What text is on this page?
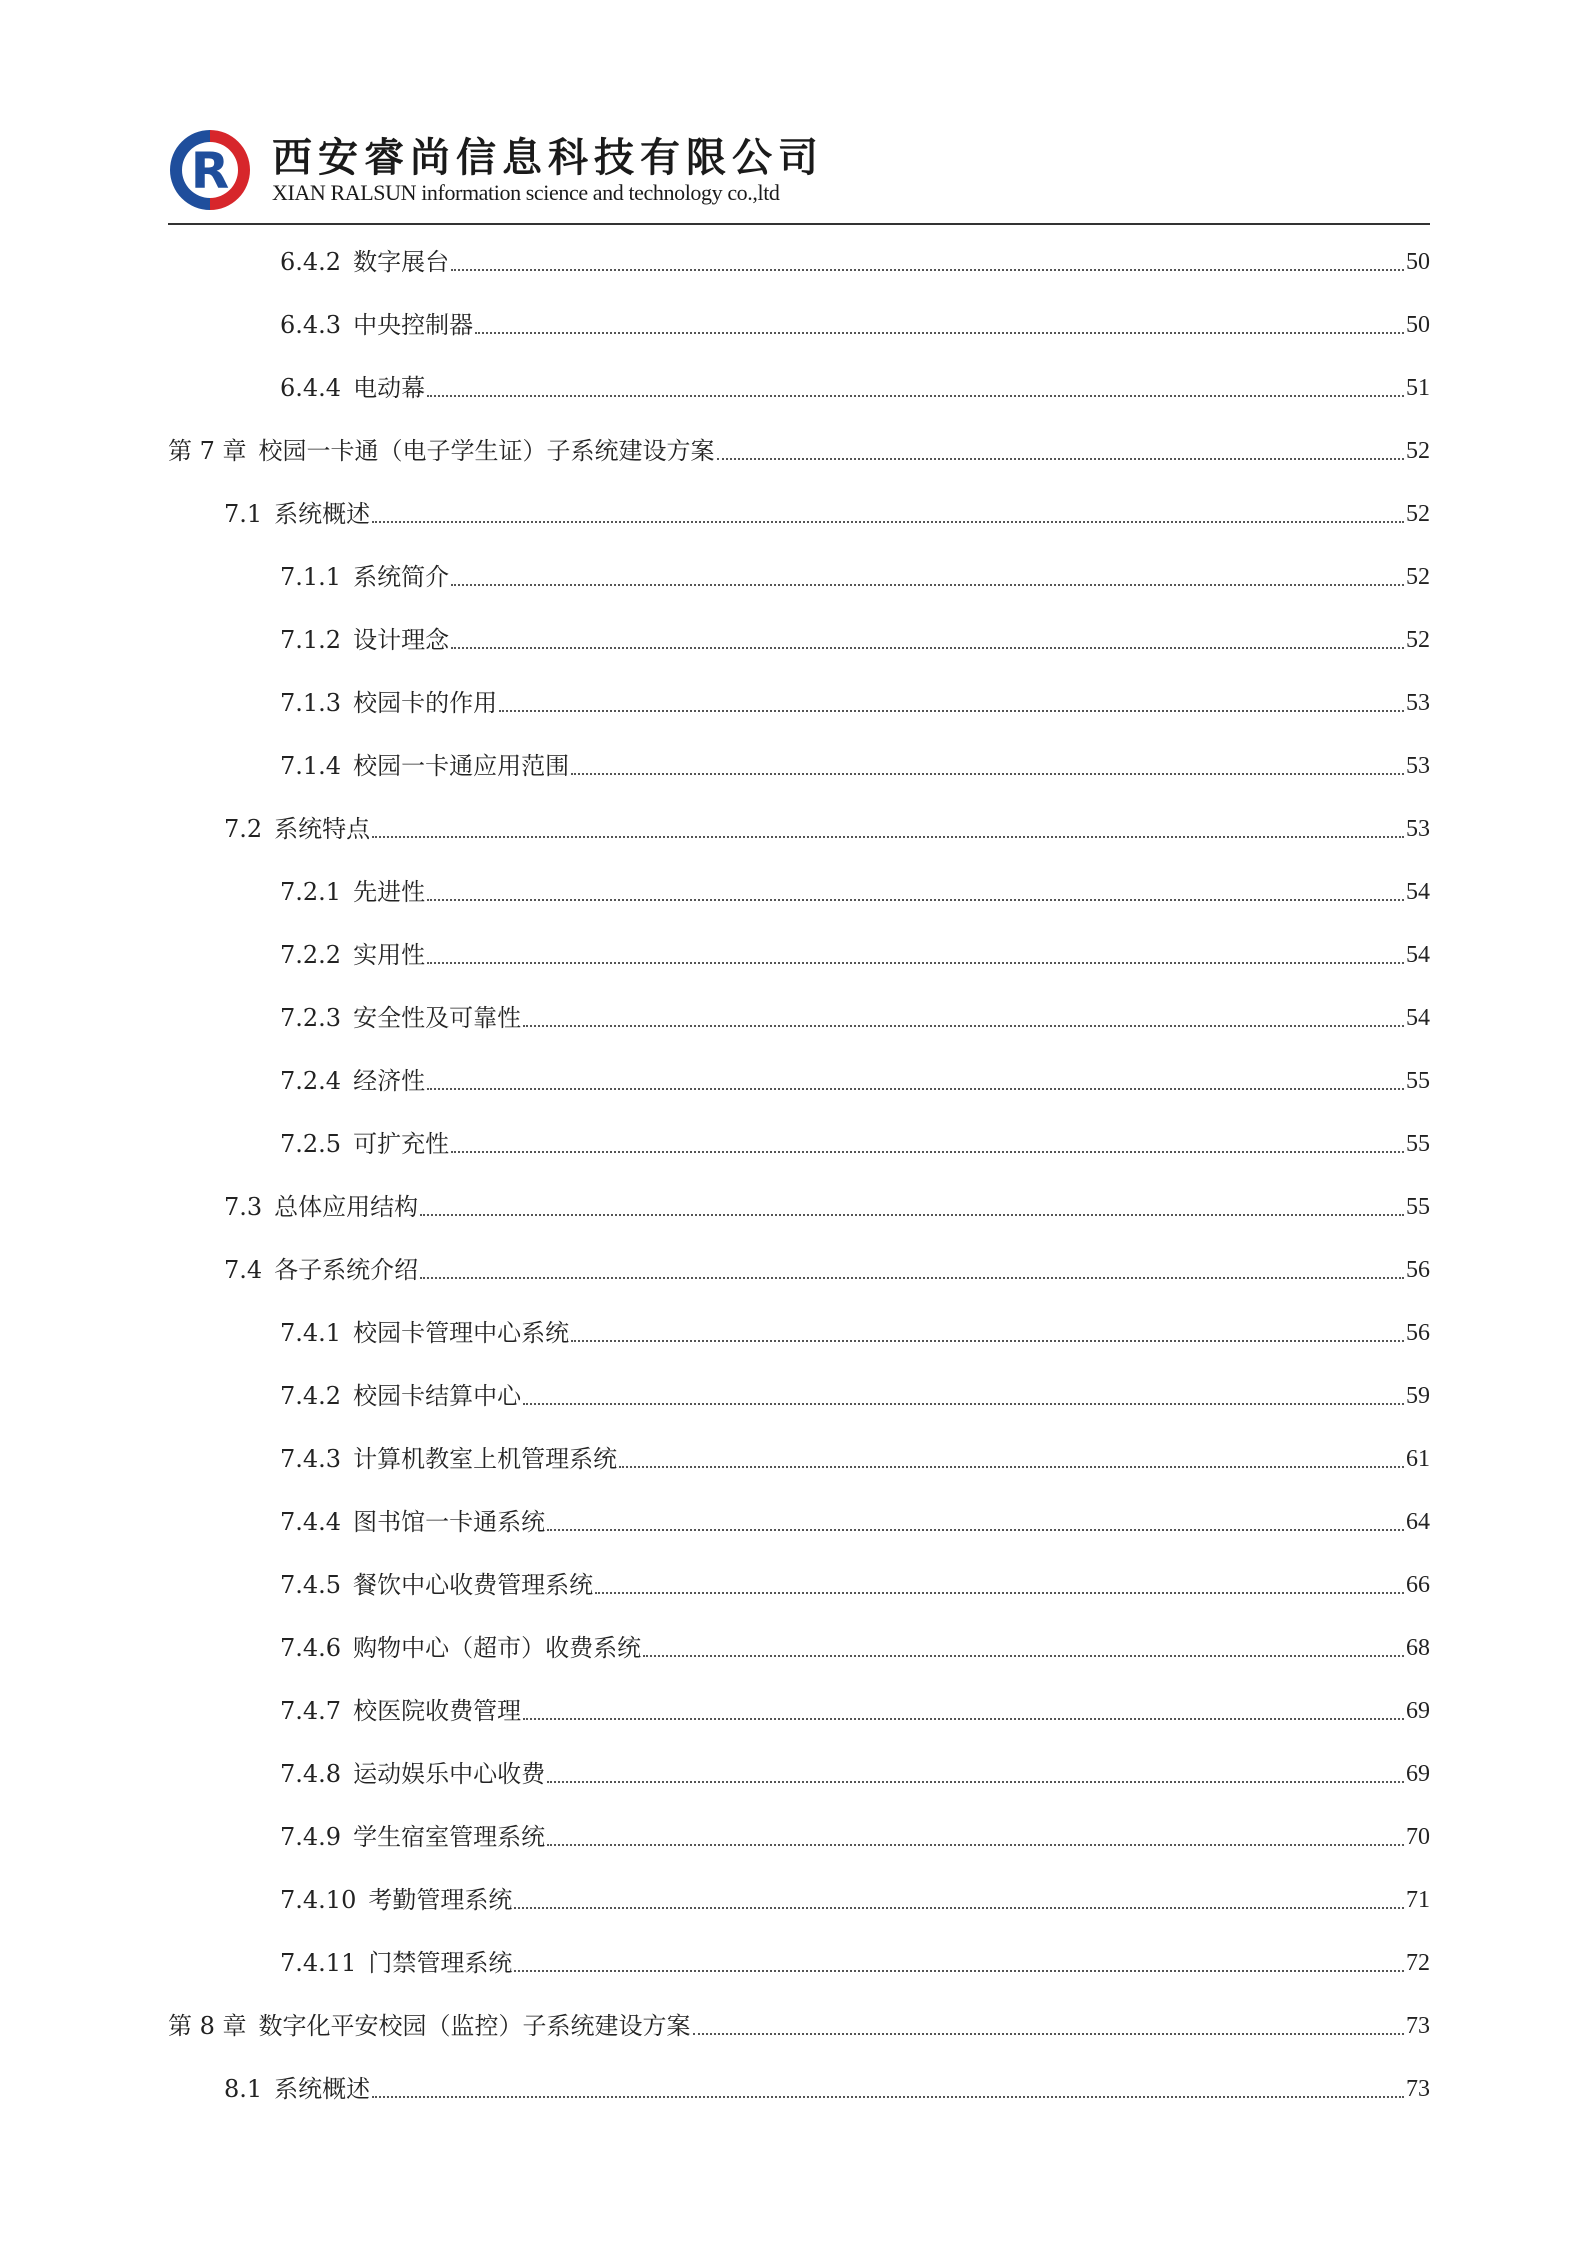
R 西安睿尚信息科技有限公司
XIAN RALSUN information science and technology co.,ltd
6.4.2 数字展台	50
6.4.3 中央控制器	50
6.4.4 电动幕	51
第 7 章 校园一卡通（电子学生证）子系统建设方案	52
7.1 系统概述	52
7.1.1 系统简介	52
7.1.2 设计理念	52
7.1.3 校园卡的作用	53
7.1.4 校园一卡通应用范围	53
7.2 系统特点	53
7.2.1 先进性	54
7.2.2 实用性	54
7.2.3 安全性及可靠性	54
7.2.4 经济性	55
7.2.5 可扩充性	55
7.3 总体应用结构	55
7.4 各子系统介绍	56
7.4.1 校园卡管理中心系统	56
7.4.2 校园卡结算中心	59
7.4.3 计算机教室上机管理系统	61
7.4.4 图书馆一卡通系统	64
7.4.5 餐饮中心收费管理系统	66
7.4.6 购物中心（超市）收费系统	68
7.4.7 校医院收费管理	69
7.4.8 运动娱乐中心收费	69
7.4.9 学生宿室管理系统	70
7.4.10 考勤管理系统	71
7.4.11 门禁管理系统	72
第 8 章 数字化平安校园（监控）子系统建设方案	73
8.1 系统概述	73
